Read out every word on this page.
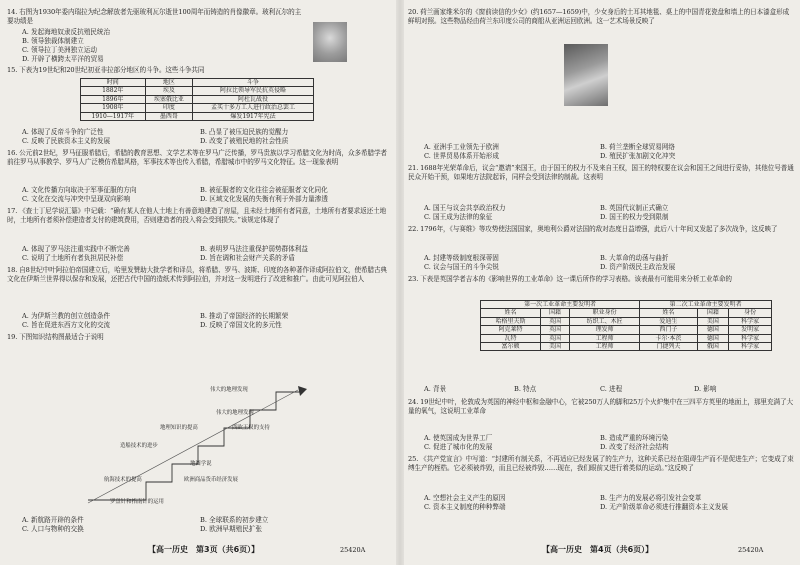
14. 右图为1930年委内瑞拉为纪念解放者先驱玻利瓦尔逝世100周年而铸造的肖像徽章。玻利瓦尔的主要功绩是
A. 发起海地奴隶反抗殖民统治
B. 领导独裁体制建立
C. 领导拉丁美洲独立运动
D. 开辟了横跨太平洋的贸易
15. 下表为19世纪和20世纪初亚非拉部分地区的斗争。这些斗争共同
时间	地区	斗争
1882年	埃及	阿拉比领导军民抗英侵略
1896年	埃塞俄比亚	阿杜瓦战役
1908年	印度	孟买十多万工人进行政治总罢工
1910—1917年	墨西哥	爆发1917年宪法
A. 体现了反帝斗争的广泛性	B. 凸显了被压迫民族的觉醒力
C. 反映了民族资本主义的发展	D. 改变了被殖民地的社会性质
16. 公元前2世纪，罗马征服希腊后，希腊的教育思想、文学艺术等在罗马广泛传播，罗马贵族以学习希腊文化为时尚，众多希腊学者前往罗马从事教学、罗马人广泛模仿希腊风格，军事技术等也传入希腊，希腊城市中的罗马文化特征。这一现象表明
A. 文化传播方向取决于军事征服的方向	B. 被征服者的文化往往会被征服者文化同化
C. 文化在交流与冲突中呈现双向影响	D. 区域文化发展的失衡有利于外部力量渗透
17. 《查士丁尼学说汇纂》中记载：“确有某人在他人土地上有善意地建造了房屋，且未经土地所有者同意，土地所有者要求返还土地时，土地所有者须补偿建造者支付的建筑费用，否则建造者的投入将会受到损失。”该规定体现了
A. 体现了罗马法注重实践中不断完善	B. 表明罗马法注重保护弱势群体利益
C. 说明了土地所有者负担居民补偿	D. 旨在调和社会财产关系的矛盾
18. 自8世纪中叶阿拉伯帝国建立后，哈里发赞助大批学者和译员，将希腊、罗马、波斯、印度的各种著作译成阿拉伯文，使希腊古典文化在伊斯兰世界得以保存和发展，还把古代中国的造纸术传到阿拉伯，并对这一发明进行了改进和推广。由此可见阿拉伯人
A. 为伊斯兰教的创立创造条件	B. 推动了帝国经济的长期繁荣
C. 旨在促进东西方文化的交流	D. 反映了帝国文化的多元性
19. 下图知识结构图最适合于说明
罗盘针和指南针的运用
航海技术的提高
造船技术的进步
地理知识的提高
伟大的地理发现
地圆学说
欧洲商品货币经济发展
西欧王权的支持
伟大的地理发现
A. 新航路开辟的条件	B. 全球联系的初步建立
C. 人口与物种的交换	D. 欧洲早期殖民扩张
【高一历史　第3页（共6页）】	25420A
20. 荷兰画家维米尔的《窗前读信的少女》(约1657—1659)中，少女身后的土耳其地毯、桌上的中国青花瓷盘和墙上的日本漆盒形成鲜明对照。这些物品经由荷兰东印度公司的商船从亚洲运回欧洲。这一艺术场景反映了
A. 亚洲手工业领先于欧洲	B. 荷兰垄断全球贸易网络
C. 世界贸易体系开始形成	D. 殖民扩张加剧文化冲突
21. 1688年光荣革命后，议会“邀请”来国王，由于国王的权力不及来自王权，国王的特权要在议会和国王之间进行妥协，其他位号普通民众开始干预，如果地方法院起诉，同样会受到法律的制裁。这表明
A. 国王与议会共享政治权力	B. 英国代议制正式确立
C. 国王成为法律的象征	D. 国王的权力受到限制
22. 1796年，《与赛维》等攻势使法国国家，奥地利公爵对法国的敌对态度日益增强，此后八十年间又发起了多次战争，这反映了
A. 封建等级制度根深蒂固	B. 大革命的动荡与曲折
C. 议会与国王的斗争尖锐	D. 资产阶级民主政治发展
23. 下表是英国学者吉本的《影响世界的工业革命》这一课后所作的学习表格。该表最有可能用来分析工业革命的
第一次工业革命主要发明者			第二次工业革命主要发明者		
姓名	国籍	职业身份	姓名	国籍	身份
哈格里夫斯	英国	纺织工、木匠	爱迪生	美国	科学家
阿克莱特	英国	理发师	西门子	德国	发明家
瓦特	英国	工程师	卡尔·本茨	德国	科学家
富尔顿	美国	工程师	门捷列夫	俄国	科学家
A. 背景	B. 特点	C. 进程	D. 影响
24. 19世纪中叶，伦敦成为英国的神经中枢和金融中心，它被250万人的脚和25万个火炉集中在三四平方英里的地面上，那里充满了大量的氧气，这说明工业革命
A. 使英国成为世界工厂	B. 造成严重的环境污染
C. 促进了城市化的发展	D. 改变了经济社会结构
25. 《共产党宣言》中写道：“封建所有制关系，不再适应已经发展了的生产力，这种关系已经在阻碍生产而不是促进生产；它变成了束缚生产的桎梏。它必须被炸毁，而且已经被炸毁……现在，我们眼前又进行着类似的运动。”这反映了
A. 空想社会主义产生的原因	B. 生产力的发展必将引发社会变革
C. 资本主义制度的种种弊端	D. 无产阶级革命必须进行推翻资本主义发展
【高一历史　第4页（共6页）】	25420A
